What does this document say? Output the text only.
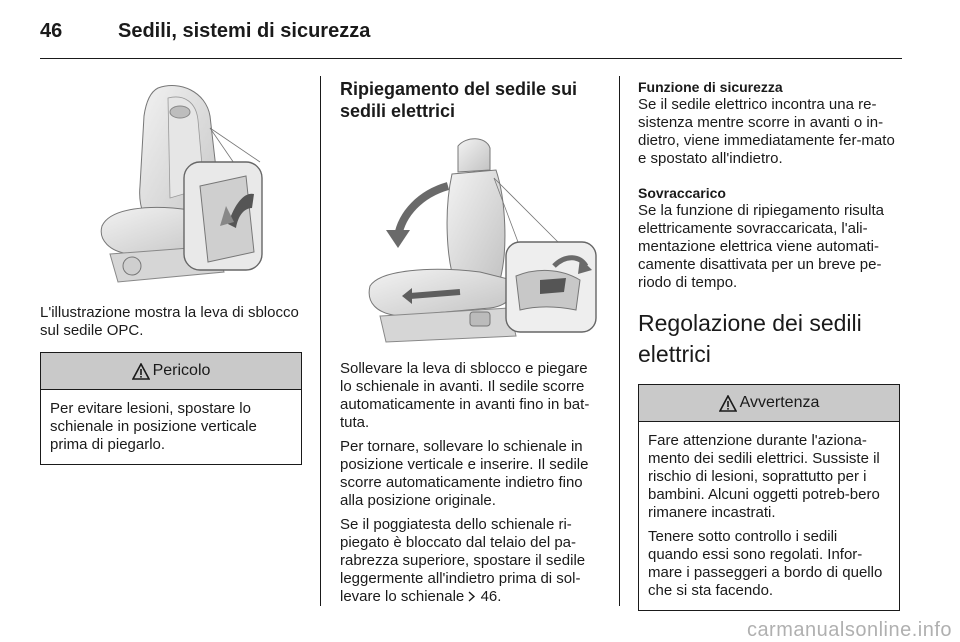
46	Sedili, sistemi di sicurezza

L'illustrazione mostra la leva di sblocco sul sedile OPC.

Pericolo

Per evitare lesioni, spostare lo schienale in posizione verticale prima di piegarlo.

Ripiegamento del sedile sui sedili elettrici

Sollevare la leva di sblocco e piegare lo schienale in avanti. Il sedile scorre automaticamente in avanti fino in bat-tuta.

Per tornare, sollevare lo schienale in posizione verticale e inserire. Il sedile scorre automaticamente indietro fino alla posizione originale.

Se il poggiatesta dello schienale ri-piegato è bloccato dal telaio del pa-rabrezza superiore, spostare il sedile leggermente all'indietro prima di sol-levare lo schienale 46.

Funzione di sicurezza

Se il sedile elettrico incontra una re-sistenza mentre scorre in avanti o in-dietro, viene immediatamente fer-mato e spostato all'indietro.

Sovraccarico

Se la funzione di ripiegamento risulta elettricamente sovraccaricata, l'ali-mentazione elettrica viene automati-camente disattivata per un breve pe-riodo di tempo.

Regolazione dei sedili elettrici
Avvertenza

Fare attenzione durante l'aziona-mento dei sedili elettrici. Sussiste il rischio di lesioni, soprattutto per i bambini. Alcuni oggetti potreb-bero rimanere incastrati.

Tenere sotto controllo i sedili quando essi sono regolati. Infor-mare i passeggeri a bordo di quello che si sta facendo.

carmanualsonline.info
